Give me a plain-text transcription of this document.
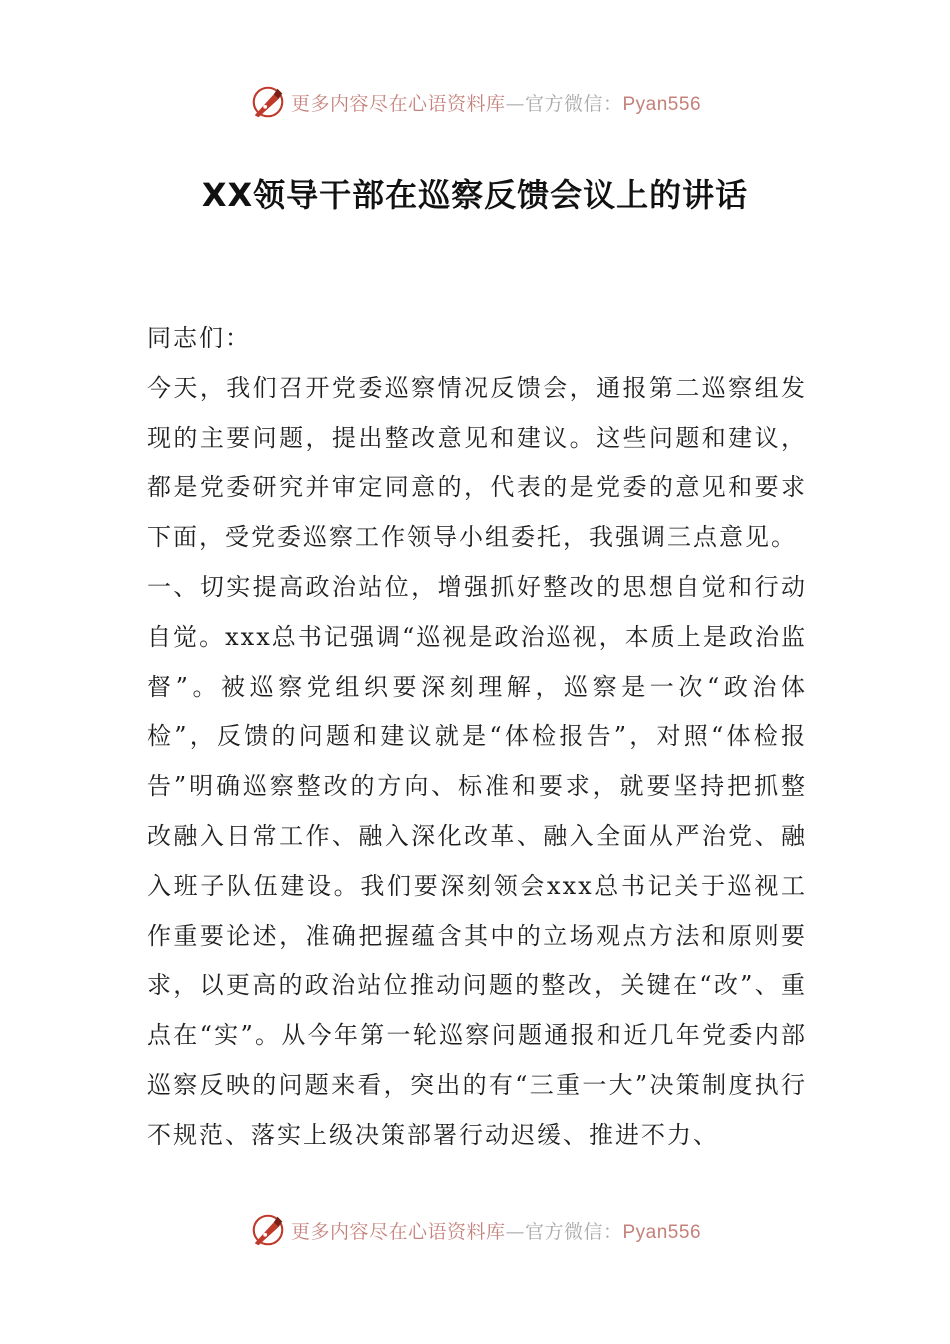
更多内容尽在心语资料库—官方微信：Pyan556
XX领导干部在巡察反馈会议上的讲话

同志们：

今天，我们召开党委巡察情况反馈会，通报第二巡察组发现的主要问题，提出整改意见和建议。这些问题和建议，都是党委研究并审定同意的，代表的是党委的意见和要求下面，受党委巡察工作领导小组委托，我强调三点意见。

一、切实提高政治站位，增强抓好整改的思想自觉和行动自觉。xxx总书记强调“巡视是政治巡视，本质上是政治监督”。被巡察党组织要深刻理解，巡察是一次“政治体检”，反馈的问题和建议就是“体检报告”，对照“体检报告”明确巡察整改的方向、标准和要求，就要坚持把抓整改融入日常工作、融入深化改革、融入全面从严治党、融入班子队伍建设。我们要深刻领会xxx总书记关于巡视工作重要论述，准确把握蕴含其中的立场观点方法和原则要求，以更高的政治站位推动问题的整改，关键在“改”、重点在“实”。从今年第一轮巡察问题通报和近几年党委内部巡察反映的问题来看，突出的有“三重一大”决策制度执行不规范、落实上级决策部署行动迟缓、推进不力、

更多内容尽在心语资料库—官方微信：Pyan556
